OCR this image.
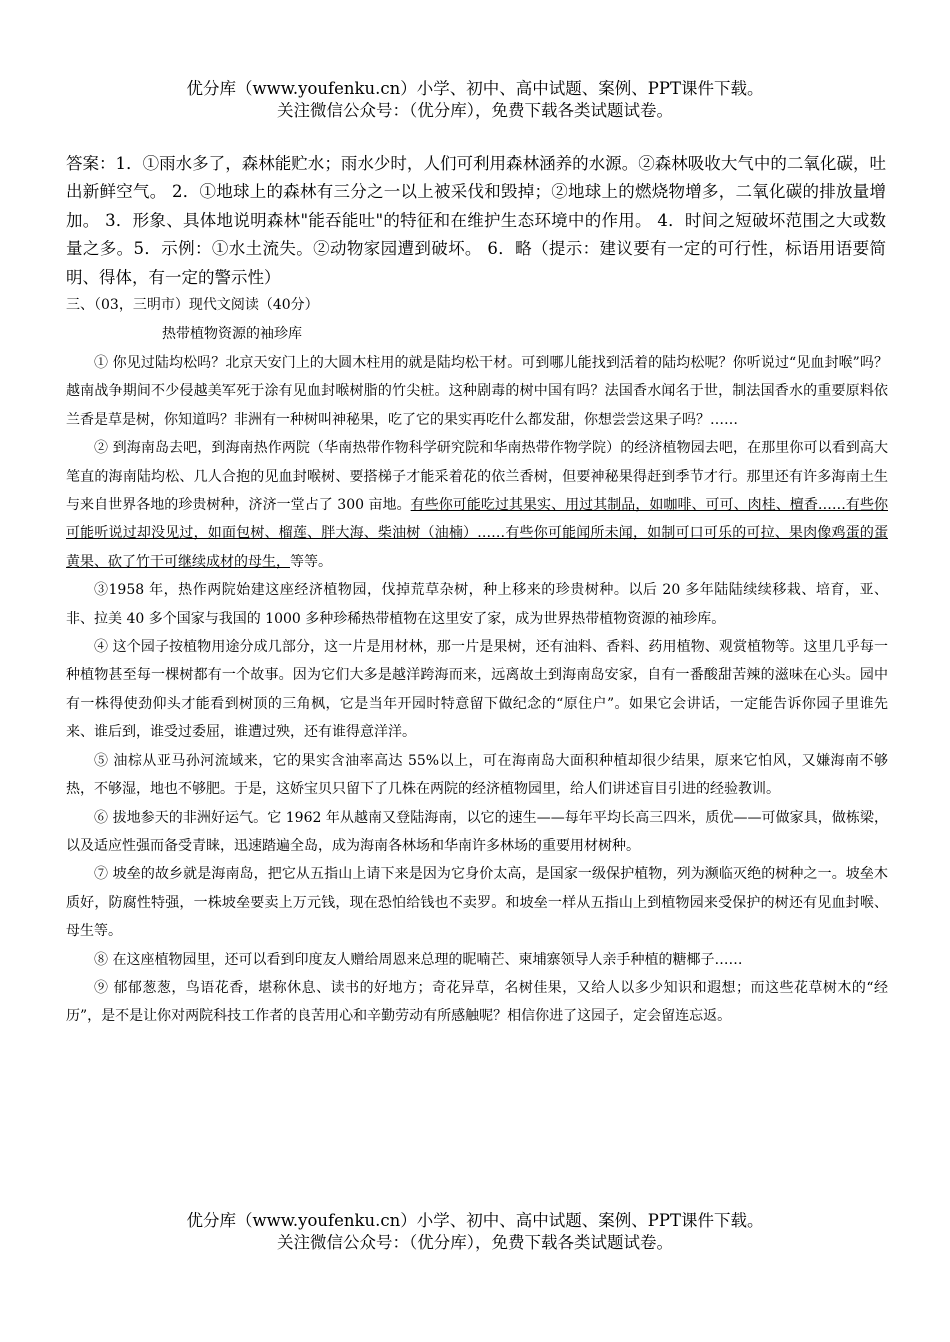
优分库（www.youfenku.cn）小学、初中、高中试题、案例、PPT课件下载。
关注微信公众号：（优分库），免费下载各类试题试卷。
答案：1．①雨水多了，森林能贮水；雨水少时，人们可利用森林涵养的水源。②森林吸收大气中的二氧化碳，吐出新鲜空气。 2．①地球上的森林有三分之一以上被采伐和毁掉；②地球上的燃烧物增多，二氧化碳的排放量增加。 3．形象、具体地说明森林"能吞能吐"的特征和在维护生态环境中的作用。 4．时间之短破坏范围之大或数量之多。5．示例：①水土流失。②动物家园遭到破坏。 6．略（提示：建议要有一定的可行性，标语用语要简明、得体，有一定的警示性）
三、（03，三明市）现代文阅读（40分）
热带植物资源的袖珍库

① 你见过陆均松吗？北京天安门上的大圆木柱用的就是陆均松干材。可到哪儿能找到活着的陆均松呢？你听说过“见血封喉”吗？越南战争期间不少侵越美军死于涂有见血封喉树脂的竹尖桩。这种剧毒的树中国有吗？法国香水闻名于世，制法国香水的重要原料依兰香是草是树，你知道吗？非洲有一种树叫神秘果，吃了它的果实再吃什么都发甜，你想尝尝这果子吗？……

② 到海南岛去吧，到海南热作两院（华南热带作物科学研究院和华南热带作物学院）的经济植物园去吧，在那里你可以看到高大笔直的海南陆均松、几人合抱的见血封喉树、要搭梯子才能采着花的依兰香树，但要神秘果得赶到季节才行。那里还有许多海南土生与来自世界各地的珍贵树种，济济一堂占了 300 亩地。有些你可能吃过其果实、用过其制品，如咖啡、可可、肉桂、檀香……有些你可能听说过却没见过，如面包树、榴莲、胖大海、柴油树（油楠）……有些你可能闻所未闻，如制可口可乐的可拉、果肉像鸡蛋的蛋黄果、砍了竹干可继续成材的母生，等等。

③1958 年，热作两院始建这座经济植物园，伐掉荒草杂树，种上移来的珍贵树种。以后 20 多年陆陆续续移栽、培育，亚、非、拉美 40 多个国家与我国的 1000 多种珍稀热带植物在这里安了家，成为世界热带植物资源的袖珍库。

④ 这个园子按植物用途分成几部分，这一片是用材林，那一片是果树，还有油料、香料、药用植物、观赏植物等。这里几乎每一种植物甚至每一棵树都有一个故事。因为它们大多是越洋跨海而来，远离故土到海南岛安家，自有一番酸甜苦辣的滋味在心头。园中有一株得使劲仰头才能看到树顶的三角枫，它是当年开园时特意留下做纪念的“原住户”。如果它会讲话，一定能告诉你园子里谁先来、谁后到，谁受过委屈，谁遭过殃，还有谁得意洋洋。

⑤ 油棕从亚马孙河流域来，它的果实含油率高达 55%以上，可在海南岛大面积种植却很少结果，原来它怕风，又嫌海南不够热，不够湿，地也不够肥。于是，这娇宝贝只留下了几株在两院的经济植物园里，给人们讲述盲目引进的经验教训。

⑥ 拔地参天的非洲好运气。它 1962 年从越南又登陆海南，以它的速生——每年平均长高三四米，质优——可做家具，做栋梁，以及适应性强而备受青睐，迅速踏遍全岛，成为海南各林场和华南许多林场的重要用材树种。

⑦ 坡垒的故乡就是海南岛，把它从五指山上请下来是因为它身价太高，是国家一级保护植物，列为濒临灭绝的树种之一。坡垒木质好，防腐性特强，一株坡垒要卖上万元钱，现在恐怕给钱也不卖罗。和坡垒一样从五指山上到植物园来受保护的树还有见血封喉、母生等。

⑧ 在这座植物园里，还可以看到印度友人赠给周恩来总理的昵喃芒、柬埔寨领导人亲手种植的糖椰子……

⑨ 郁郁葱葱，鸟语花香，堪称休息、读书的好地方；奇花异草，名树佳果，又给人以多少知识和遐想；而这些花草树木的“经历”，是不是让你对两院科技工作者的良苦用心和辛勤劳动有所感触呢？相信你进了这园子，定会留连忘返。

优分库（www.youfenku.cn）小学、初中、高中试题、案例、PPT课件下载。
关注微信公众号：（优分库），免费下载各类试题试卷。
